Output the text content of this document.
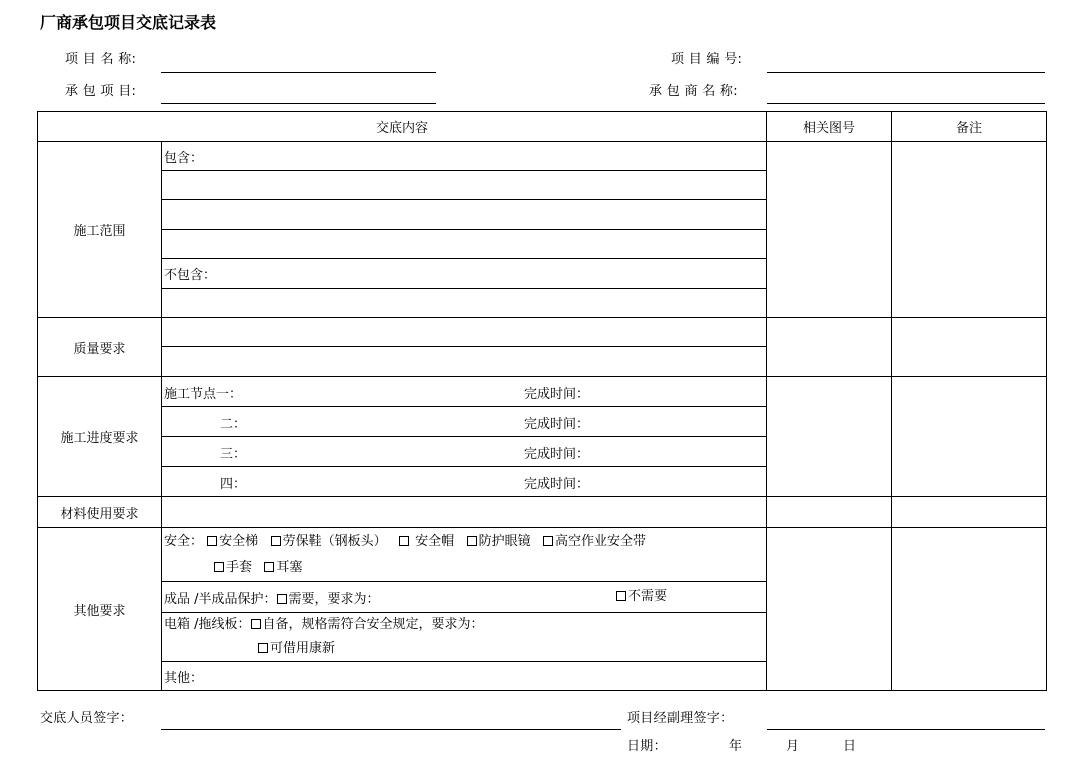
厂商承包项目交底记录表
项 目 名 称:	项 目 编 号:
承 包 项 目:	承 包 商 名 称:
交底内容		相关图号	备注
施工范围	包含：		

	不包含：		

质量要求			

施工进度要求	施工节点一： 完成时间：		

	二： 完成时间：		

	三： 完成时间：		

	四： 完成时间：		

材料使用要求			
其他要求	安全： 安全梯 劳保鞋（钢板头） 安全帽 防护眼镜 高空作业安全带
手套 耳塞		

	成品 /半成品保护： 需要，要求为： 不需要		

	电箱 /拖线板： 自备，规格需符合安全规定，要求为：
可借用康新		

	其他：		
交底人员签字：	项目经副理签字：
日期：	年	月	日
